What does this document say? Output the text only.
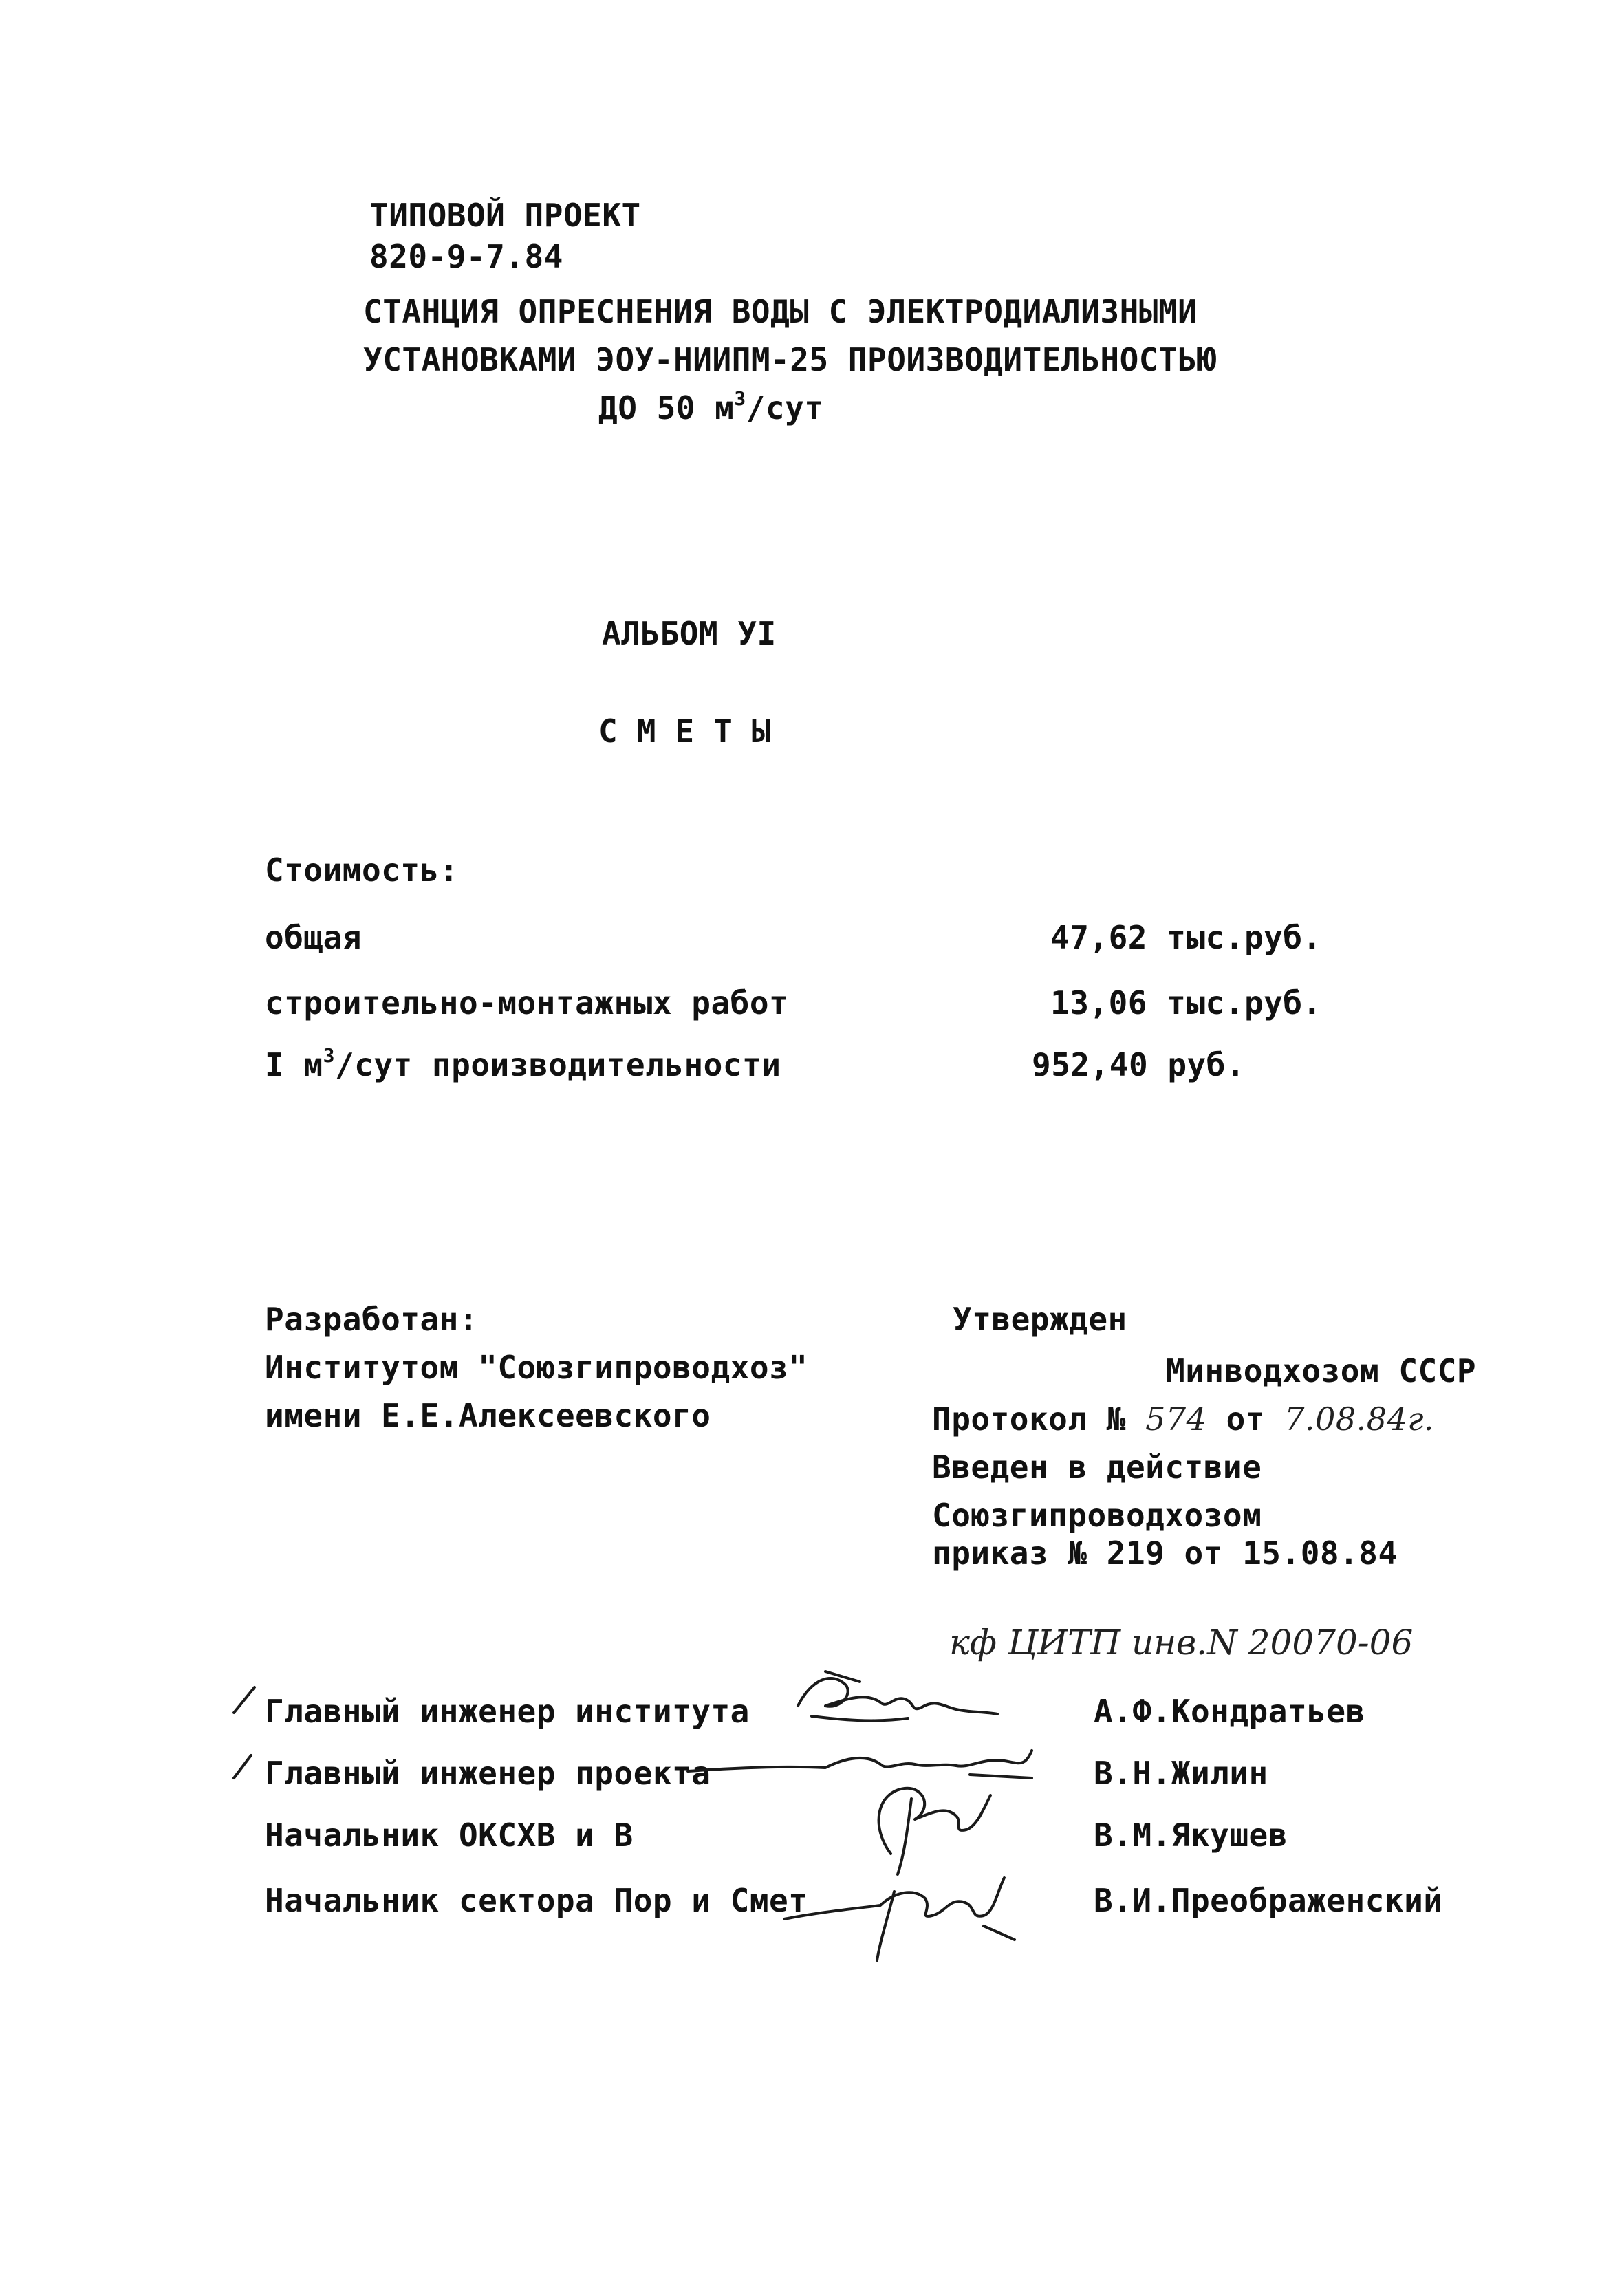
ТИПОВОЙ ПРОЕКТ
820-9-7.84
СТАНЦИЯ ОПРЕСНЕНИЯ ВОДЫ С ЭЛЕКТРОДИАЛИЗНЫМИ
УСТАНОВКАМИ ЭОУ-НИИПМ-25 ПРОИЗВОДИТЕЛЬНОСТЬЮ
ДО 50 $м^3$/сут
АЛЬБОМ УI
СМЕТЫ
Стоимость:
общая	47,62 тыс.руб.
строительно-монтажных работ	13,06 тыс.руб.
I $м^3$/сут производительности	952,40 руб.
Разработан:
Институтом "Союзгипроводхоз"
имени Е.Е.Алексеевского
Утвержден
Минводхозом СССР
Протокол № 574 от 7.08.84г.
Введен в действие
Союзгипроводхозом
приказ № 219 от 15.08.84
кф ЦИТП инв.N 20070-06
Главный инженер института	А.Ф.Кондратьев
Главный инженер проекта	В.Н.Жилин
Начальник ОКСХВ и В	В.М.Якушев
Начальник сектора Пор и Смет	В.И.Преображенский
